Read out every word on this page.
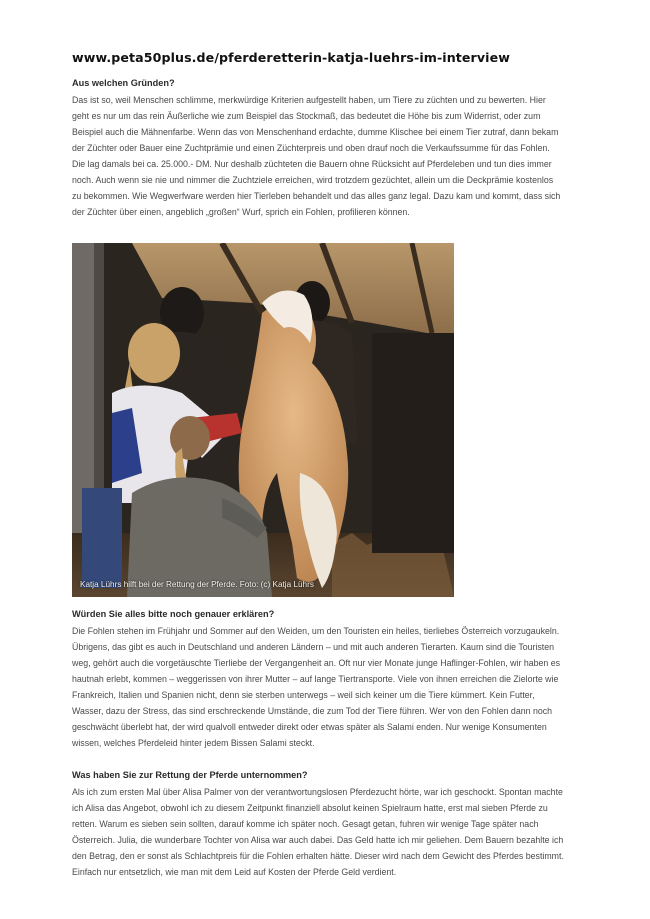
www.peta50plus.de/pferderetterin-katja-luehrs-im-interview

Aus welchen Gründen?

Das ist so, weil Menschen schlimme, merkwürdige Kriterien aufgestellt haben, um Tiere zu züchten und zu bewerten. Hier geht es nur um das rein Äußerliche wie zum Beispiel das Stockmaß, das bedeutet die Höhe bis zum Widerrist, oder zum Beispiel auch die Mähnenfarbe. Wenn das von Menschenhand erdachte, dumme Klischee bei einem Tier zutraf, dann bekam der Züchter oder Bauer eine Zuchtprämie und einen Züchterpreis und oben drauf noch die Verkaufssumme für das Fohlen. Die lag damals bei ca. 25.000.- DM. Nur deshalb züchteten die Bauern ohne Rücksicht auf Pferdeleben und tun dies immer noch. Auch wenn sie nie und nimmer die Zuchtziele erreichen, wird trotzdem gezüchtet, allein um die Deckprämie kostenlos zu bekommen. Wie Wegwerfware werden hier Tierleben behandelt und das alles ganz legal. Dazu kam und kommt, dass sich der Züchter über einen, angeblich „großen“ Wurf, sprich ein Fohlen, profilieren können.

Katja Lührs hilft bei der Rettung der Pferde. Foto: (c) Katja Lührs

Würden Sie alles bitte noch genauer erklären?

Die Fohlen stehen im Frühjahr und Sommer auf den Weiden, um den Touristen ein heiles, tierliebes Österreich vorzugaukeln. Übrigens, das gibt es auch in Deutschland und anderen Ländern – und mit auch anderen Tierarten. Kaum sind die Touristen weg, gehört auch die vorgetäuschte Tierliebe der Vergangenheit an. Oft nur vier Monate junge Haflinger-Fohlen, wir haben es hautnah erlebt, kommen – weggerissen von ihrer Mutter – auf lange Tiertransporte. Viele von ihnen erreichen die Zielorte wie Frankreich, Italien und Spanien nicht, denn sie sterben unterwegs – weil sich keiner um die Tiere kümmert. Kein Futter, Wasser, dazu der Stress, das sind erschreckende Umstände, die zum Tod der Tiere führen. Wer von den Fohlen dann noch geschwächt überlebt hat, der wird qualvoll entweder direkt oder etwas später als Salami enden. Nur wenige Konsumenten wissen, welches Pferdeleid hinter jedem Bissen Salami steckt.

Was haben Sie zur Rettung der Pferde unternommen?

Als ich zum ersten Mal über Alisa Palmer von der verantwortungslosen Pferdezucht hörte, war ich geschockt. Spontan machte ich Alisa das Angebot, obwohl ich zu diesem Zeitpunkt finanziell absolut keinen Spielraum hatte, erst mal sieben Pferde zu retten. Warum es sieben sein sollten, darauf komme ich später noch. Gesagt getan, fuhren wir wenige Tage später nach Österreich. Julia, die wunderbare Tochter von Alisa war auch dabei. Das Geld hatte ich mir geliehen. Dem Bauern bezahlte ich den Betrag, den er sonst als Schlachtpreis für die Fohlen erhalten hätte. Dieser wird nach dem Gewicht des Pferdes bestimmt. Einfach nur entsetzlich, wie man mit dem Leid auf Kosten der Pferde Geld verdient.
